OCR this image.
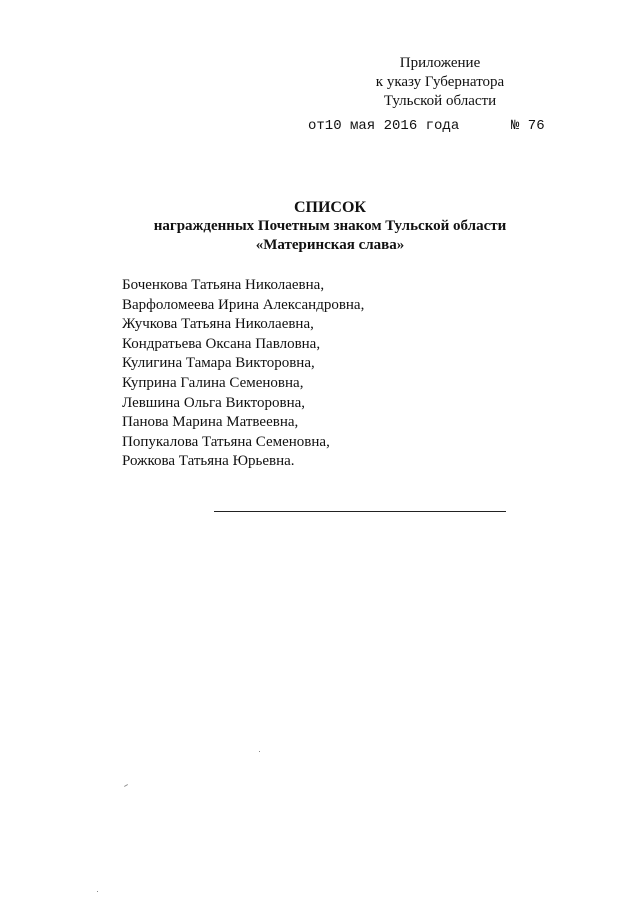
Приложение
к указу Губернатора
Тульской области
от10 мая 2016 года	№ 76
СПИСОК
награжденных Почетным знаком Тульской области
«Материнская слава»
Боченкова Татьяна Николаевна,
Варфоломеева Ирина Александровна,
Жучкова Татьяна Николаевна,
Кондратьева Оксана Павловна,
Кулигина Тамара Викторовна,
Куприна Галина Семеновна,
Левшина Ольга Викторовна,
Панова Марина Матвеевна,
Попукалова Татьяна Семеновна,
Рожкова Татьяна Юрьевна.
